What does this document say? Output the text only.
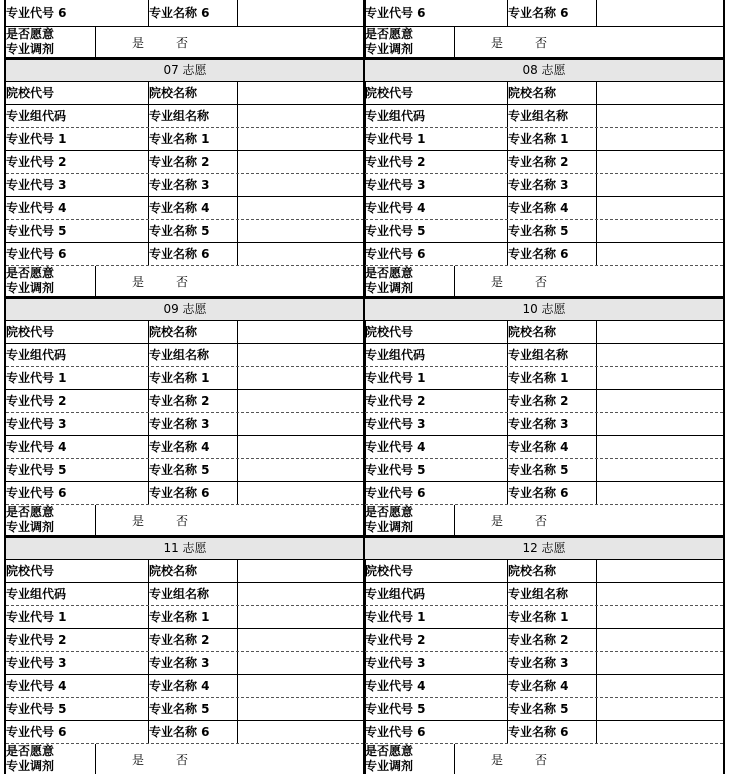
专业代号 6	专业名称 6
是否愿意
专业调剂	是	否
07 志愿
院校代号	院校名称
专业组代码	专业组名称
专业代号 1	专业名称 1
专业代号 2	专业名称 2
专业代号 3	专业名称 3
专业代号 4	专业名称 4
专业代号 5	专业名称 5
专业代号 6	专业名称 6
是否愿意
专业调剂	是	否
09 志愿
院校代号	院校名称
专业组代码	专业组名称
专业代号 1	专业名称 1
专业代号 2	专业名称 2
专业代号 3	专业名称 3
专业代号 4	专业名称 4
专业代号 5	专业名称 5
专业代号 6	专业名称 6
是否愿意
专业调剂	是	否
11 志愿
院校代号	院校名称
专业组代码	专业组名称
专业代号 1	专业名称 1
专业代号 2	专业名称 2
专业代号 3	专业名称 3
专业代号 4	专业名称 4
专业代号 5	专业名称 5
专业代号 6	专业名称 6
是否愿意
专业调剂	是	否
专业代号 6	专业名称 6
是否愿意
专业调剂	是	否
08 志愿
院校代号	院校名称
专业组代码	专业组名称
专业代号 1	专业名称 1
专业代号 2	专业名称 2
专业代号 3	专业名称 3
专业代号 4	专业名称 4
专业代号 5	专业名称 5
专业代号 6	专业名称 6
是否愿意
专业调剂	是	否
10 志愿
院校代号	院校名称
专业组代码	专业组名称
专业代号 1	专业名称 1
专业代号 2	专业名称 2
专业代号 3	专业名称 3
专业代号 4	专业名称 4
专业代号 5	专业名称 5
专业代号 6	专业名称 6
是否愿意
专业调剂	是	否
12 志愿
院校代号	院校名称
专业组代码	专业组名称
专业代号 1	专业名称 1
专业代号 2	专业名称 2
专业代号 3	专业名称 3
专业代号 4	专业名称 4
专业代号 5	专业名称 5
专业代号 6	专业名称 6
是否愿意
专业调剂	是	否
